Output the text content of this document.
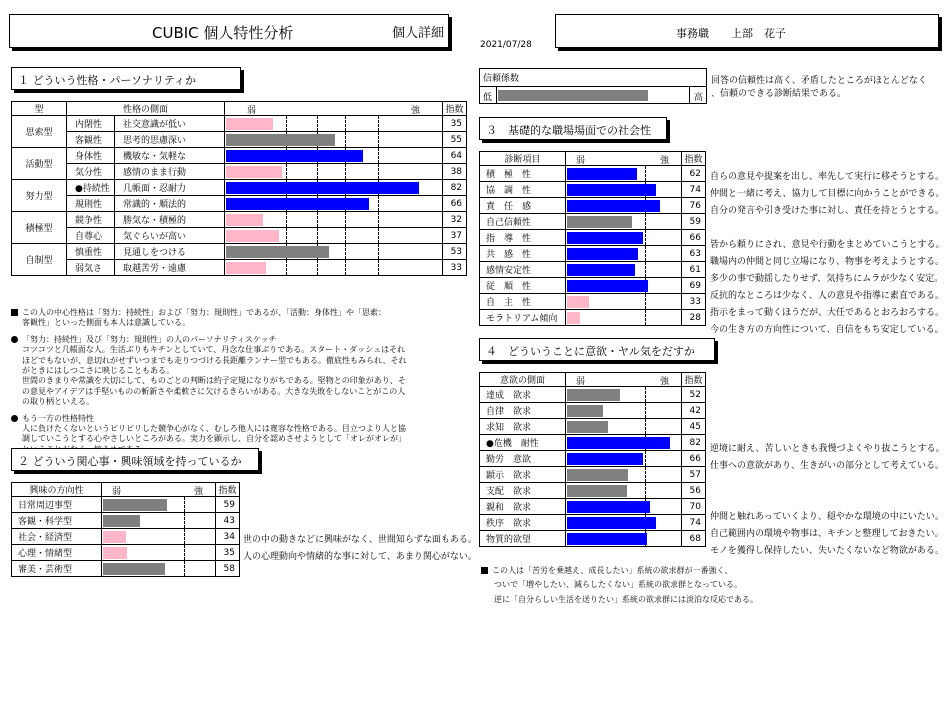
CUBIC 個人特性分析	個人詳細
2021/07/28
事務職　　上部　花子
１ どういう性格・パーソナリティか
型	性格の側面		弱 強	指数
思索型	内閉性	社交意識が低い		35
	客観性	思考的思慮深い		55
活動型	身体性	機敏な・気軽な		64
	気分性	感情のまま行動		38
努力型	●持続性	几帳面・忍耐力		82
	規則性	常識的・順法的		66
積極型	競争性	勝気な・積極的		32
	自尊心	気ぐらいが高い		37
自制型	慎重性	見通しをつける		53
	弱気さ	取越苦労・遠慮		33
この人の中心性格は「努力：持続性」および「努力：規則性」であるが、「活動：身体性」や「思索：
客観性」といった側面も本人は意識している。
「努力：持続性」及び「努力：規則性」の人のパーソナリティスケッチ
コツコツと几帳面な人。生活ぶりもキチンとしていて、丹念な仕事ぶりである。スタート・ダッシュはそれ
ほどでもないが、息切れがせずいつまでも走りつづける長距離ランナー型でもある。徹底性もみられ、それ
がときにはしつこさに映じることもある。
世間のきまりや常識を大切にして、ものごとの判断は約子定規になりがちである。堅物との印象があり、そ
の意見やアイデアは手堅いものの斬新さや柔軟さに欠けるきらいがある。大きな失敗をしないことがこの人
の取り柄といえる。
もう一方の性格特性
人に負けたくないというピリピリした競争心がなく、むしろ他人には寛容な性格である。目立つより人と協
調していこうとする心やさしいところがある。実力を顕示し、自分を認めさせようとして「オレがオレが」
２ どういう関心事・興味領域を持っているか
興味の方向性	弱 強	指数
日常周辺事型		59
客観・科学型		43
社会・経済型		34
心理・情緒型		35
審美・芸術型		58
世の中の動きなどに興味がなく、世間知らずな面もある。
人の心理動向や情緒的な事に対して、あまり関心がない。
信頼係数
低	高
回答の信頼性は高く、矛盾したところがほとんどなく
、信頼のできる診断結果である。
３　基礎的な職場場面での社会性
診断項目	弱 強	指数
積　極　性		62
協　調　性		74
責　任　感		76
自己信頼性		59
指　導　性		66
共　感　性		63
感情安定性		61
従　順　性		69
自　主　性		33
モラトリアム傾向		28
自らの意見や提案を出し、率先して実行に移そうとする。
仲間と一緒に考え、協力して目標に向かうことができる。
自分の発言や引き受けた事に対し、責任を持とうとする。
皆から頼りにされ、意見や行動をまとめていこうとする。
職場内の仲間と同じ立場になり、物事を考えようとする。
多少の事で動揺したりせず、気持ちにムラが少なく安定。
反抗的なところは少なく、人の意見や指導に素直である。
指示をまって動くほうだが、大任であるとおろおろする。
今の生き方の方向性について、自信をもち安定している。
４　どういうことに意欲・ヤル気をだすか
意欲の側面	弱 強	指数
達成　欲求		52
自律　欲求		42
求知　欲求		45
●危機　耐性		82
勤労　意欲		66
顕示　欲求		57
支配　欲求		56
親和　欲求		70
秩序　欲求		74
物質的欲望		68
逆境に耐え、苦しいときも我慢づよくやり抜こうとする。
仕事への意欲があり、生きがいの部分として考えている。
仲間と触れあっていくより、穏やかな環境の中にいたい。
自己範囲内の環境や物事は、キチンと整理しておきたい。
モノを獲得し保持したい、失いたくないなど物欲がある。
この人は「苦労を乗越え、成長したい」系統の欲求群が一番強く、
ついで「増やしたい、減らしたくない」系統の欲求群となっている。
逆に「自分らしい生活を送りたい」系統の欲求群には淡泊な反応である。
